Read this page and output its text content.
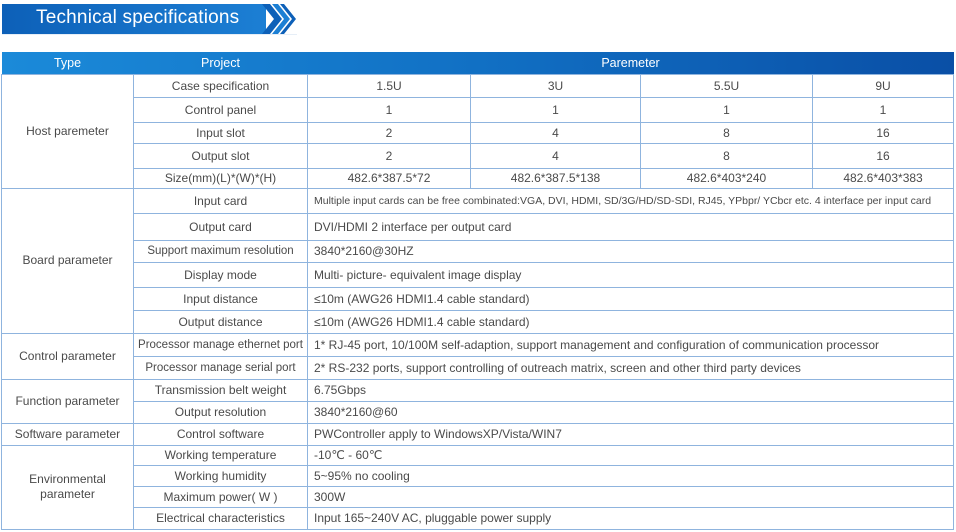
Technical specifications
Type	Project	Paremeter			
Host paremeter	Case specification	1.5U	3U	5.5U	9U
	Control panel	1	1	1	1
	Input slot	2	4	8	16
	Output slot	2	4	8	16
	Size(mm)(L)*(W)*(H)	482.6*387.5*72	482.6*387.5*138	482.6*403*240	482.6*403*383
Board parameter	Input card	Multiple input cards can be free combinated:VGA, DVI, HDMI, SD/3G/HD/SD-SDI, RJ45, YPbpr/ YCbcr etc. 4 interface per input card			
	Output card	DVI/HDMI 2 interface per output card			
	Support maximum resolution	3840*2160@30HZ			
	Display mode	Multi- picture- equivalent image display			
	Input distance	≤10m (AWG26 HDMI1.4 cable standard)			
	Output distance	≤10m (AWG26 HDMI1.4 cable standard)			
Control parameter	Processor manage ethernet port	1* RJ-45 port, 10/100M self-adaption, support management and configuration of communication processor			
	Processor manage serial port	2* RS-232 ports, support controlling of outreach matrix, screen and other third party devices			
Function parameter	Transmission belt weight	6.75Gbps			
	Output resolution	3840*2160@60			
Software parameter	Control software	PWController apply to WindowsXP/Vista/WIN7			
Environmental parameter	Working temperature	-10℃ - 60℃			
	Working humidity	5~95% no cooling			
	Maximum power( W )	300W			
	Electrical characteristics	Input 165~240V AC, pluggable power supply			
